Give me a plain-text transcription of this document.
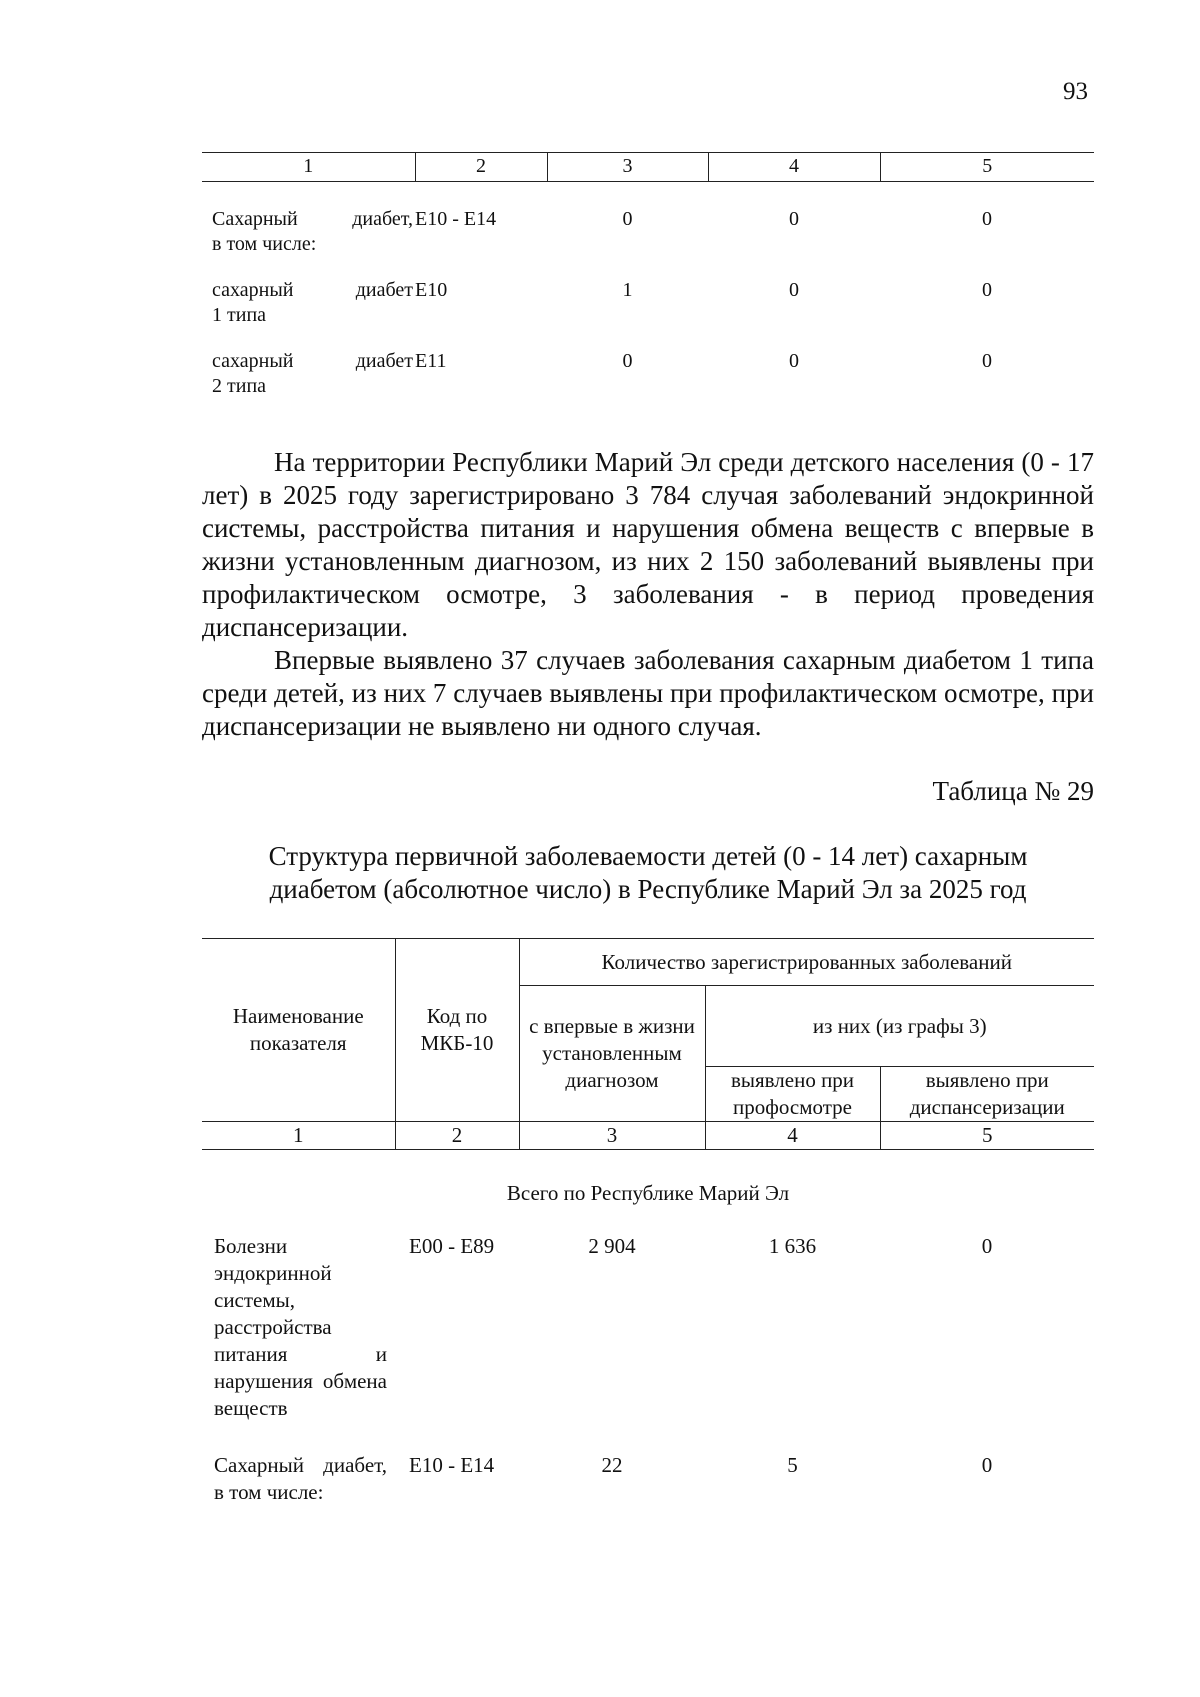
93
1	2	3	4	5

Сахарный диабет,
в том числе:	Е10 - Е14	0	0	0

сахарный диабет
1 типа	Е10	1	0	0

сахарный диабет
2 типа	Е11	0	0	0

На территории Республики Марий Эл среди детского населения (0 - 17 лет) в 2025 году зарегистрировано 3 784 случая заболеваний эндокринной системы, расстройства питания и нарушения обмена веществ с впервые в жизни установленным диагнозом, из них 2 150 заболеваний выявлены при профилактическом осмотре, 3 заболевания - в период проведения диспансеризации.

Впервые выявлено 37 случаев заболевания сахарным диабетом 1 типа среди детей, из них 7 случаев выявлены при профилактическом осмотре, при диспансеризации не выявлено ни одного случая.

Таблица № 29
Структура первичной заболеваемости детей (0 - 14 лет) сахарным
диабетом (абсолютное число) в Республике Марий Эл за 2025 год
Наименование показателя	Код по МКБ-10	Количество зарегистрированных заболеваний		
		с впервые в жизни установленным диагнозом	из них (из графы 3)	
			выявлено при профосмотре	выявлено при диспансеризации
1	2	3	4	5
Всего по Республике Марий Эл				
Болезни эндокринной системы, расстройства питания и нарушения обмена веществ	Е00 - Е89	2 904	1 636	0
Сахарный диабет, в том числе:	Е10 - Е14	22	5	0
